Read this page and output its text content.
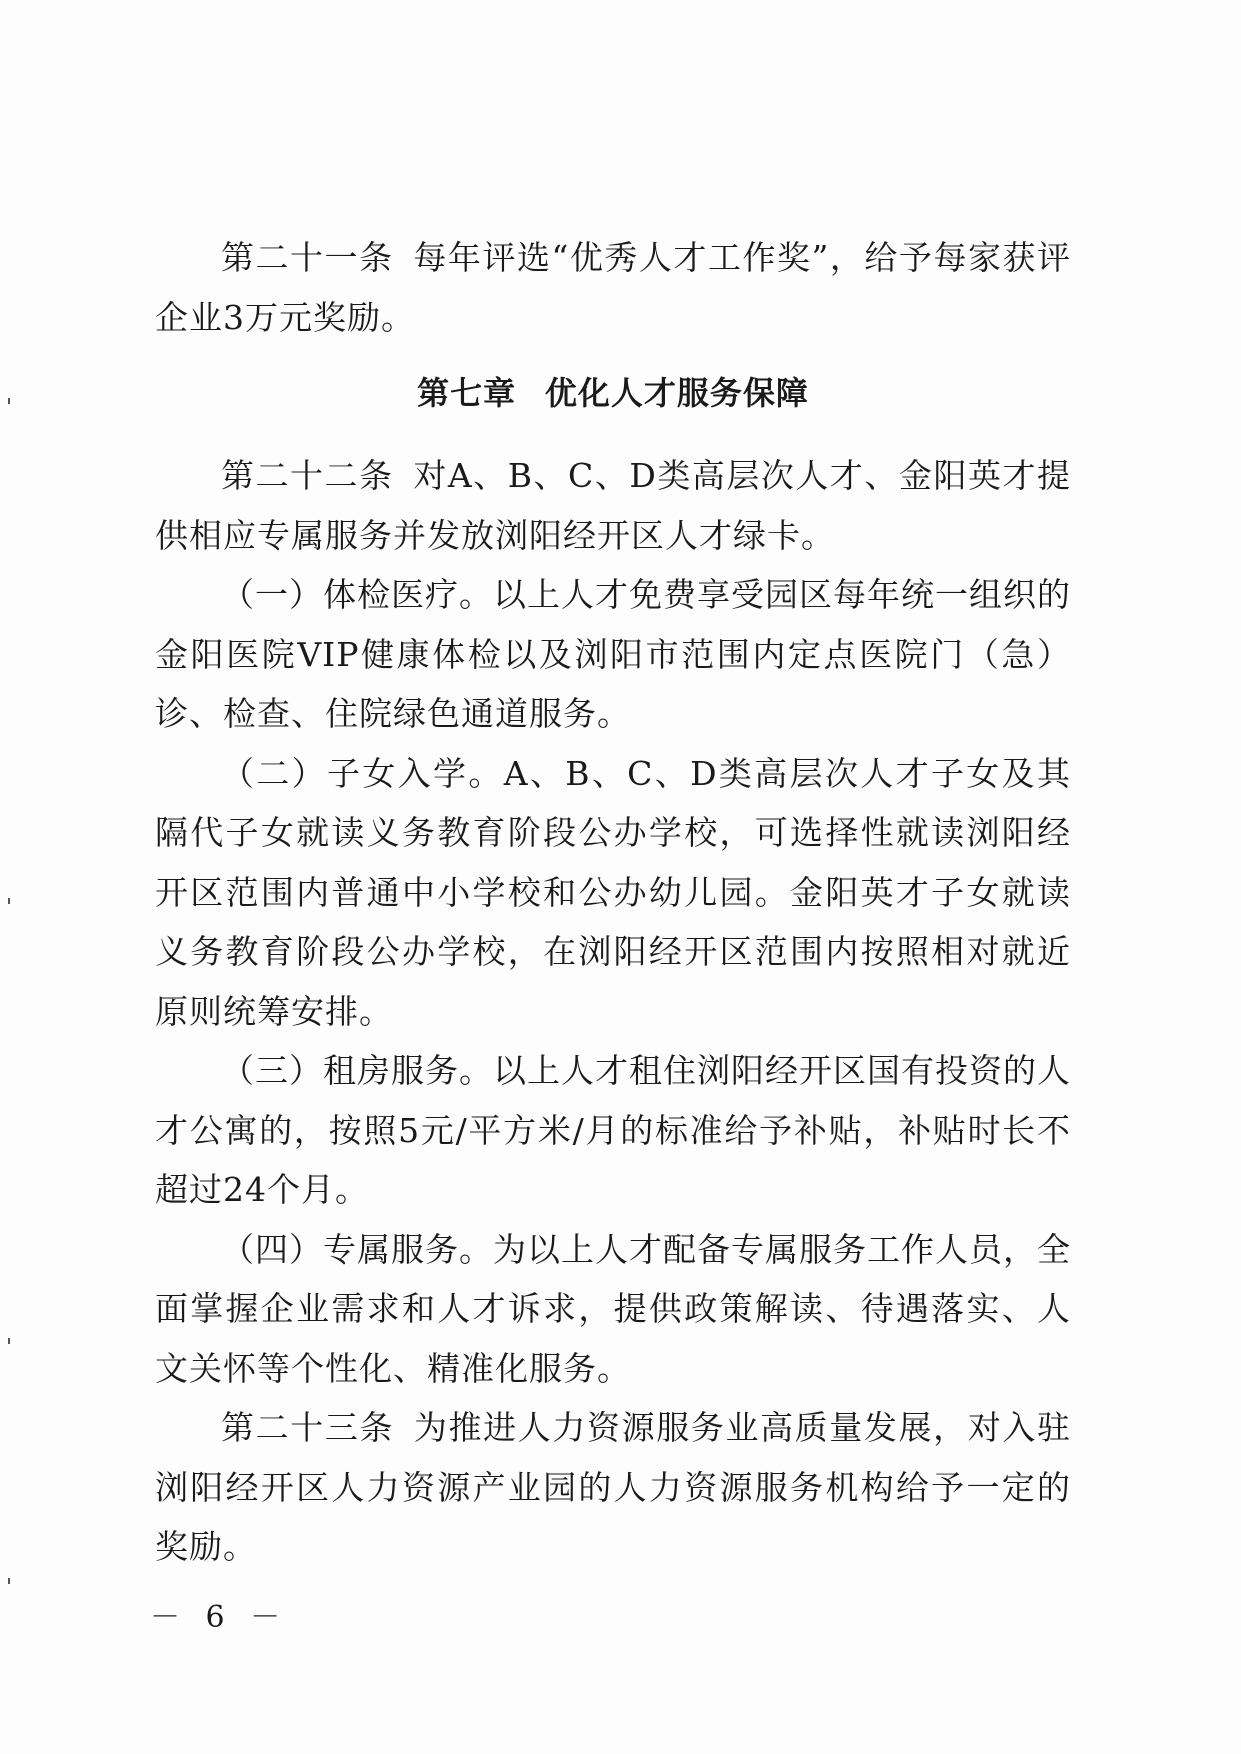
第二十一条 每年评选“优秀人才工作奖”，给予每家获评企业3万元奖励。

第七章 优化人才服务保障

第二十二条 对A、B、C、D类高层次人才、金阳英才提供相应专属服务并发放浏阳经开区人才绿卡。

（一）体检医疗。以上人才免费享受园区每年统一组织的金阳医院VIP健康体检以及浏阳市范围内定点医院门（急）诊、检查、住院绿色通道服务。

（二）子女入学。A、B、C、D类高层次人才子女及其隔代子女就读义务教育阶段公办学校，可选择性就读浏阳经开区范围内普通中小学校和公办幼儿园。金阳英才子女就读义务教育阶段公办学校，在浏阳经开区范围内按照相对就近原则统筹安排。

（三）租房服务。以上人才租住浏阳经开区国有投资的人才公寓的，按照5元/平方米/月的标准给予补贴，补贴时长不超过24个月。

（四）专属服务。为以上人才配备专属服务工作人员，全面掌握企业需求和人才诉求，提供政策解读、待遇落实、人文关怀等个性化、精准化服务。

第二十三条 为推进人力资源服务业高质量发展，对入驻浏阳经开区人力资源产业园的人力资源服务机构给予一定的奖励。

－ 6 －
